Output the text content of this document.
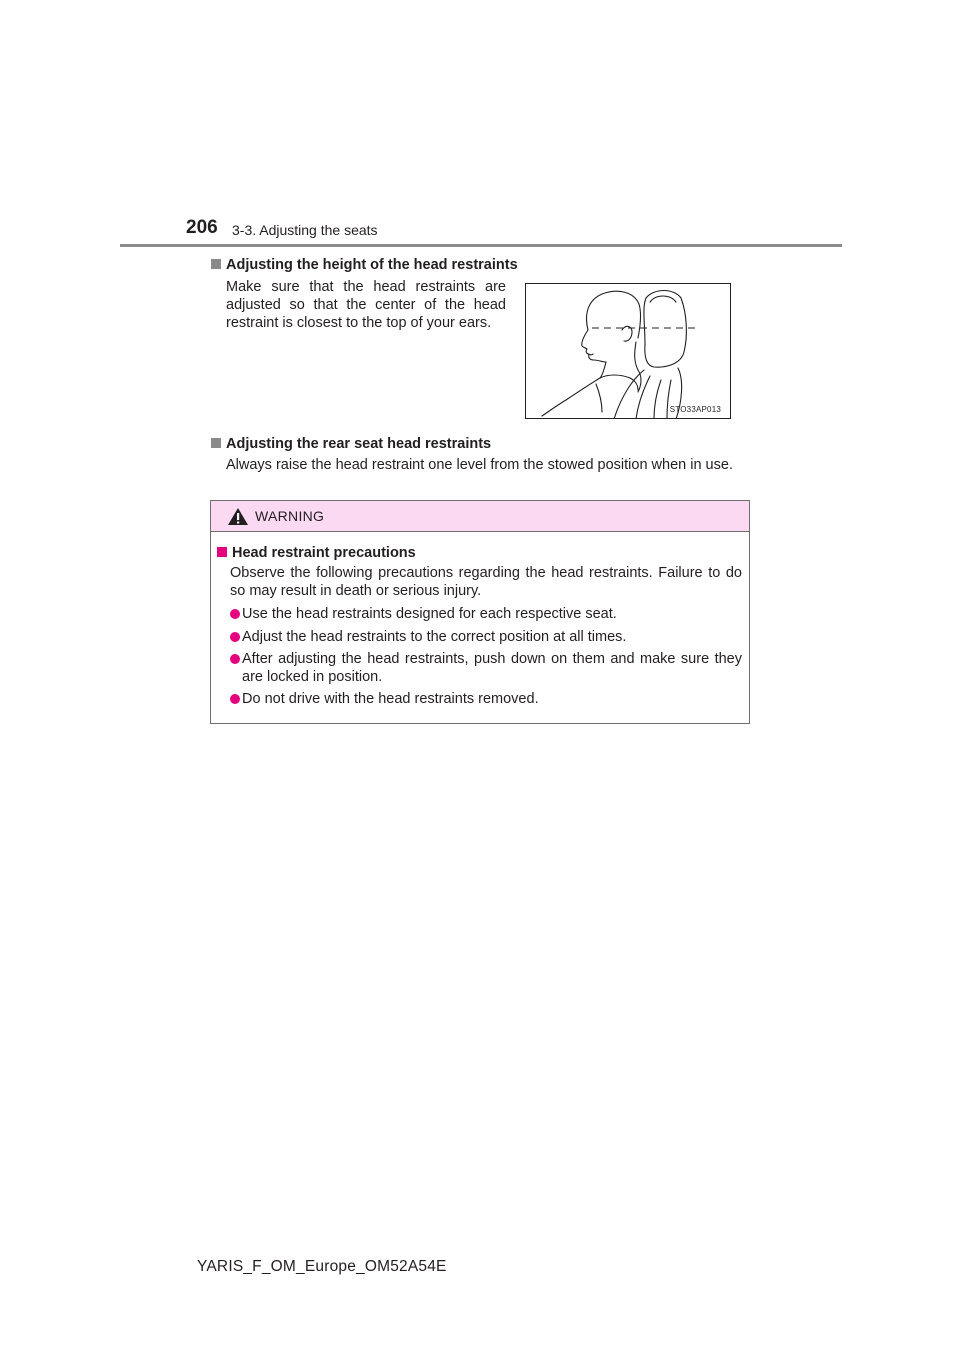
206 3-3. Adjusting the seats
Adjusting the height of the head restraints
Make sure that the head restraints are adjusted so that the center of the head restraint is closest to the top of your ears.
STO33AP013
Adjusting the rear seat head restraints
Always raise the head restraint one level from the stowed position when in use.
WARNING
Head restraint precautions
Observe the following precautions regarding the head restraints. Failure to do so may result in death or serious injury.
Use the head restraints designed for each respective seat.
Adjust the head restraints to the correct position at all times.
After adjusting the head restraints, push down on them and make sure they are locked in position.
Do not drive with the head restraints removed.
YARIS_F_OM_Europe_OM52A54E
